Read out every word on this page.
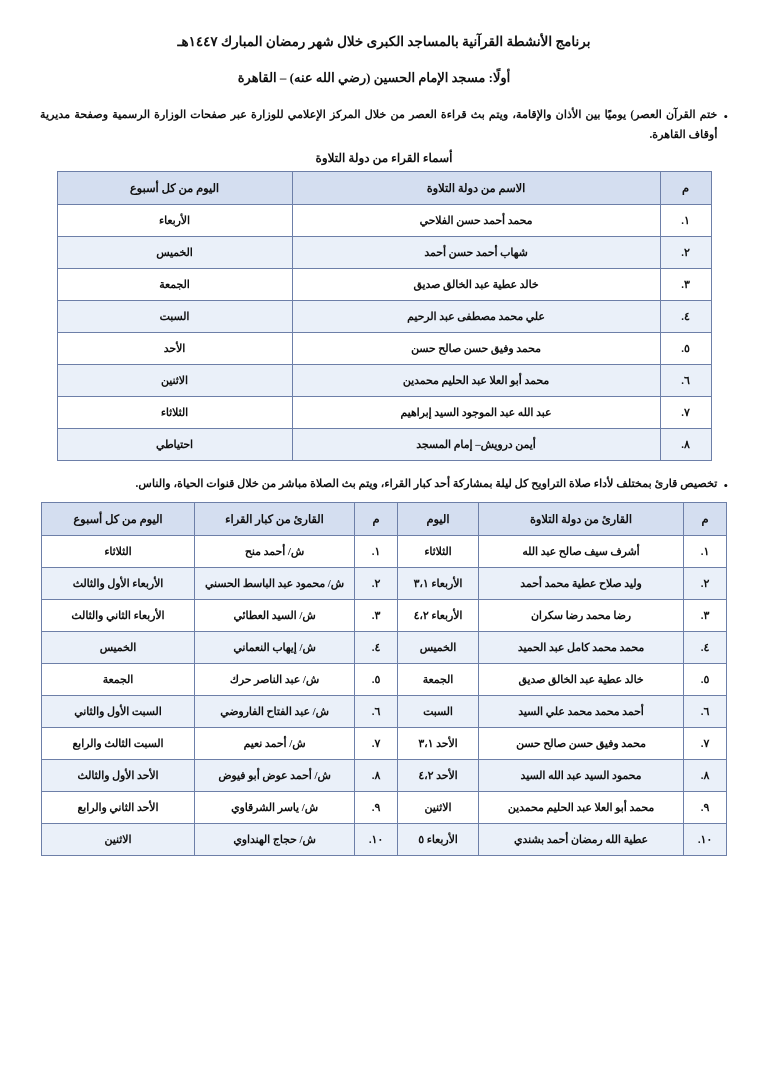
برنامج الأنشطة القرآنية بالمساجد الكبرى خلال شهر رمضان المبارك ١٤٤٧هـ
أولًا: مسجد الإمام الحسين (رضي الله عنه) – القاهرة
•
ختم القرآن العصر) يوميًا بين الأذان والإقامة، ويتم بث قراءة العصر من خلال المركز الإعلامي للوزارة عبر صفحات الوزارة الرسمية وصفحة مديرية أوقاف القاهرة.
أسماء القراء من دولة التلاوة
م	الاسم من دولة التلاوة	اليوم من كل أسبوع
١.	محمد أحمد حسن الفلاحي	الأربعاء
٢.	شهاب أحمد حسن أحمد	الخميس
٣.	خالد عطية عبد الخالق صديق	الجمعة
٤.	علي محمد مصطفى عبد الرحيم	السبت
٥.	محمد وفيق حسن صالح حسن	الأحد
٦.	محمد أبو العلا عبد الحليم محمدين	الاثنين
٧.	عبد الله عبد الموجود السيد إبراهيم	الثلاثاء
٨.	أيمن درويش– إمام المسجد	احتياطي
•
تخصيص قارئ بمختلف لأداء صلاة التراويح كل ليلة بمشاركة أحد كبار القراء، ويتم بث الصلاة مباشر من خلال قنوات الحياة، والناس.
م	القارئ من دولة التلاوة	اليوم	م	القارئ من كبار القراء	اليوم من كل أسبوع
١.	أشرف سيف صالح عبد الله	الثلاثاء	١.	ش/ أحمد منح	الثلاثاء
٢.	وليد صلاح عطية محمد أحمد	الأربعاء ٣،١	٢.	ش/ محمود عبد الباسط الحسني	الأربعاء الأول والثالث
٣.	رضا محمد رضا سكران	الأربعاء ٤،٢	٣.	ش/ السيد العطائي	الأربعاء الثاني والثالث
٤.	محمد محمد كامل عبد الحميد	الخميس	٤.	ش/ إيهاب النعماني	الخميس
٥.	خالد عطية عبد الخالق صديق	الجمعة	٥.	ش/ عبد الناصر حرك	الجمعة
٦.	أحمد محمد محمد علي السيد	السبت	٦.	ش/ عبد الفتاح الفاروضي	السبت الأول والثاني
٧.	محمد وفيق حسن صالح حسن	الأحد ٣،١	٧.	ش/ أحمد نعيم	السبت الثالث والرابع
٨.	محمود السيد عبد الله السيد	الأحد ٤،٢	٨.	ش/ أحمد عوض أبو فيوض	الأحد الأول والثالث
٩.	محمد أبو العلا عبد الحليم محمدين	الاثنين	٩.	ش/ ياسر الشرقاوي	الأحد الثاني والرابع
١٠.	عطية الله رمضان أحمد بشندي	الأربعاء ٥	١٠.	ش/ حجاج الهنداوي	الاثنين
